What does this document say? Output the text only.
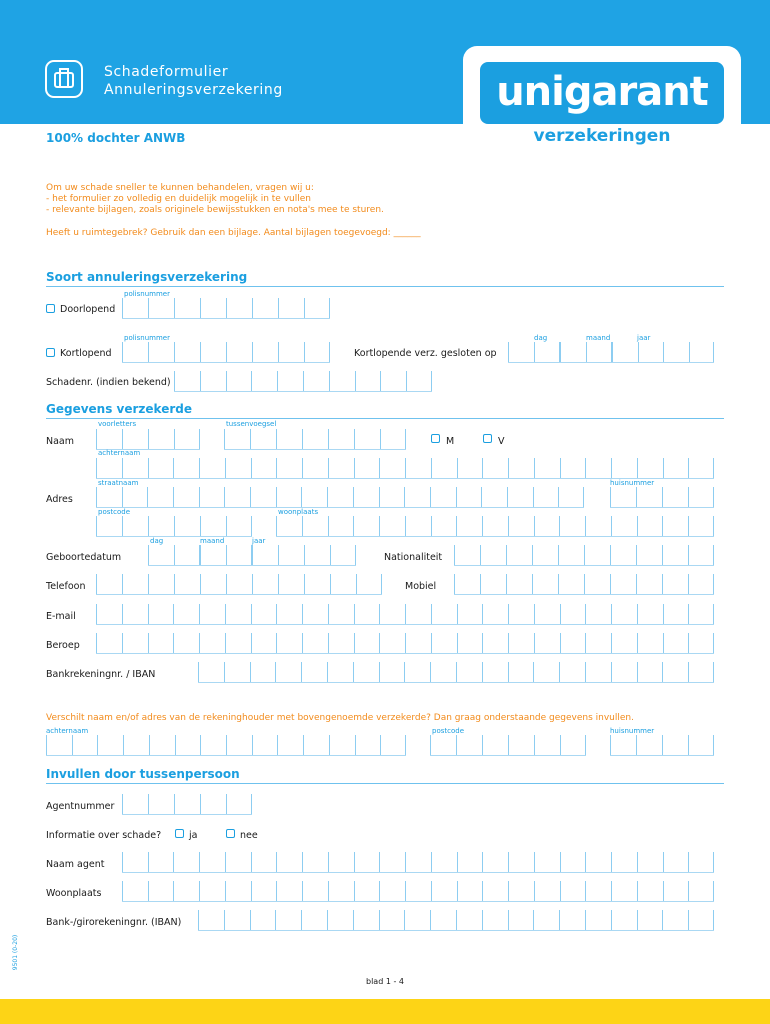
Schadeformulier
Annuleringsverzekering	unigarant
verzekeringen
100% dochter ANWB
Om uw schade sneller te kunnen behandelen, vragen wij u:
- het formulier zo volledig en duidelijk mogelijk in te vullen
- relevante bijlagen, zoals originele bewijsstukken en nota's mee te sturen.
Heeft u ruimtegebrek? Gebruik dan een bijlage. Aantal bijlagen toegevoegd: ______
Soort annuleringsverzekering
polisnummer
Doorlopend
polisnummer	dag	maand	jaar
Kortlopend	Kortlopende verz. gesloten op
Schadenr. (indien bekend)
Gegevens verzekerde
voorletters	tussenvoegsel
Naam	M	V
achternaam
straatnaam	huisnummer
Adres
postcode	woonplaats
dag	maand	jaar
Geboortedatum	Nationaliteit
Telefoon	Mobiel
E-mail
Beroep
Bankrekeningnr. / IBAN
Verschilt naam en/of adres van de rekeninghouder met bovengenoemde verzekerde? Dan graag onderstaande gegevens invullen.
achternaam	postcode	huisnummer
Invullen door tussenpersoon
Agentnummer
Informatie over schade?	ja	nee
Naam agent
Woonplaats
Bank-/girorekeningnr. (IBAN)
9501 (0-20)
blad 1 - 4
